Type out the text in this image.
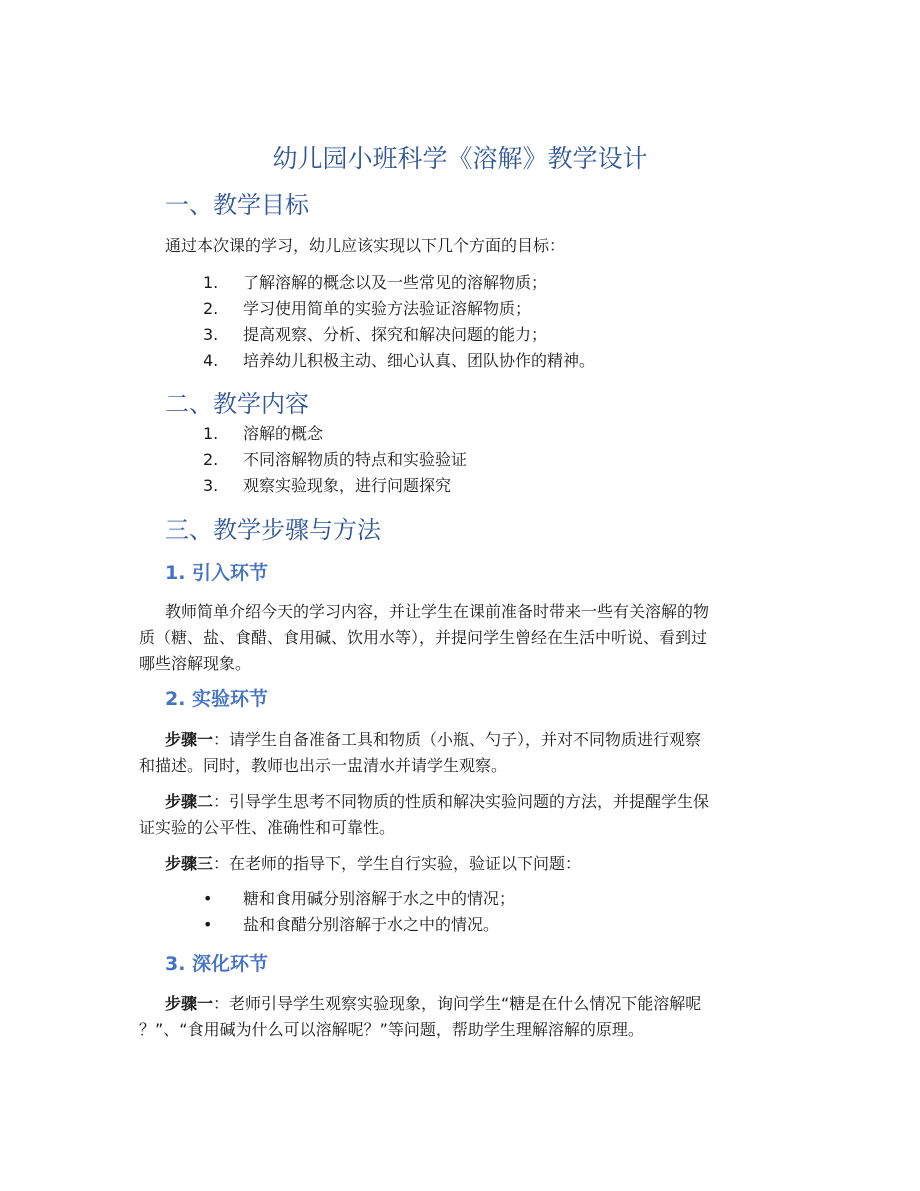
幼儿园小班科学《溶解》教学设计
一、教学目标

通过本次课的学习，幼儿应该实现以下几个方面的目标：

1.	了解溶解的概念以及一些常见的溶解物质；
2.	学习使用简单的实验方法验证溶解物质；
3.	提高观察、分析、探究和解决问题的能力；
4.	培养幼儿积极主动、细心认真、团队协作的精神。
二、教学内容
1.	溶解的概念
2.	不同溶解物质的特点和实验验证
3.	观察实验现象，进行问题探究
三、教学步骤与方法
1. 引入环节

教师简单介绍今天的学习内容，并让学生在课前准备时带来一些有关溶解的物

质（糖、盐、食醋、食用碱、饮用水等），并提问学生曾经在生活中听说、看到过

哪些溶解现象。

2. 实验环节

步骤一：请学生自备准备工具和物质（小瓶、勺子），并对不同物质进行观察

和描述。同时，教师也出示一盅清水并请学生观察。

步骤二：引导学生思考不同物质的性质和解决实验问题的方法，并提醒学生保

证实验的公平性、准确性和可靠性。

步骤三：在老师的指导下，学生自行实验，验证以下问题：

•	糖和食用碱分别溶解于水之中的情况；
•	盐和食醋分别溶解于水之中的情况。
3. 深化环节

步骤一：老师引导学生观察实验现象，询问学生“糖是在什么情况下能溶解呢

？”、“食用碱为什么可以溶解呢？”等问题，帮助学生理解溶解的原理。
